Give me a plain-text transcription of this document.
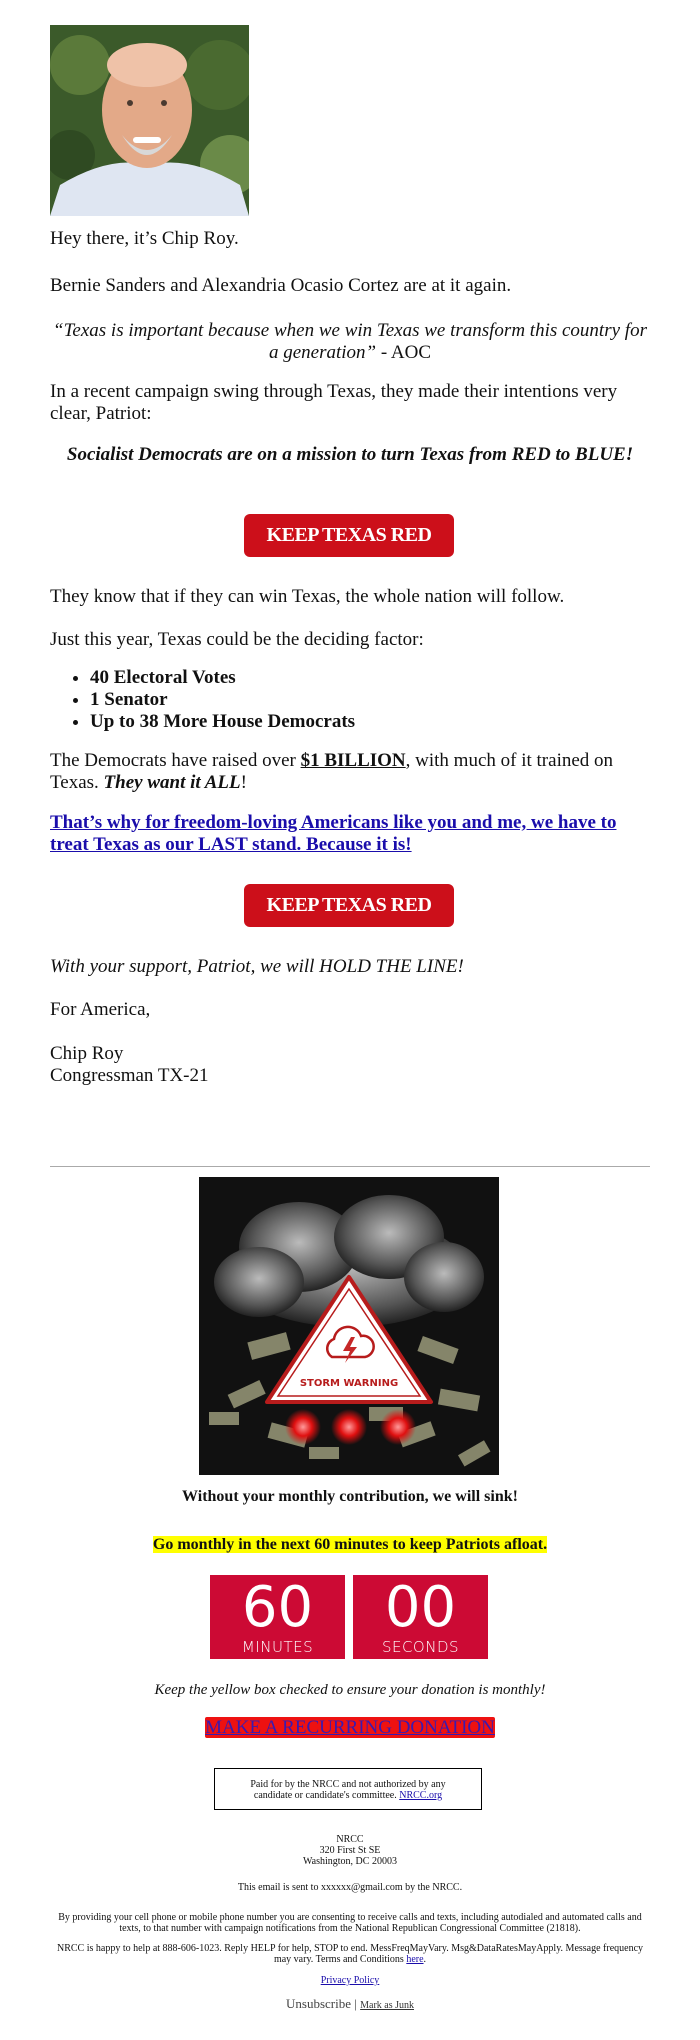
Hey there, it’s Chip Roy.

Bernie Sanders and Alexandria Ocasio Cortez are at it again.

“Texas is important because when we win Texas we transform this country for a generation” - AOC

In a recent campaign swing through Texas, they made their intentions very clear, Patriot:

Socialist Democrats are on a mission to turn Texas from RED to BLUE!

KEEP TEXAS RED

They know that if they can win Texas, the whole nation will follow.

Just this year, Texas could be the deciding factor:

• 40 Electoral Votes
• 1 Senator
• Up to 38 More House Democrats

The Democrats have raised over $1 BILLION, with much of it trained on Texas. They want it ALL!

That’s why for freedom-loving Americans like you and me, we have to treat Texas as our LAST stand. Because it is!

KEEP TEXAS RED

With your support, Patriot, we will HOLD THE LINE!

For America,

Chip Roy

Congressman TX-21

STORM WARNING

Without your monthly contribution, we will sink!

Go monthly in the next 60 minutes to keep Patriots afloat.

60
MINUTES
00
SECONDS

Keep the yellow box checked to ensure your donation is monthly!

MAKE A RECURRING DONATION

Paid for by the NRCC and not authorized by any candidate or candidate's committee. NRCC.org
NRCC
320 First St SE
Washington, DC 20003
This email is sent to xxxxxx@gmail.com by the NRCC.
By providing your cell phone or mobile phone number you are consenting to receive calls and texts, including autodialed and automated calls and texts, to that number with campaign notifications from the National Republican Congressional Committee (21818).
NRCC is happy to help at 888-606-1023. Reply HELP for help, STOP to end. MessFreqMayVary. Msg&DataRatesMayApply. Message frequency may vary. Terms and Conditions here.
Privacy Policy
Unsubscribe | Mark as Junk
